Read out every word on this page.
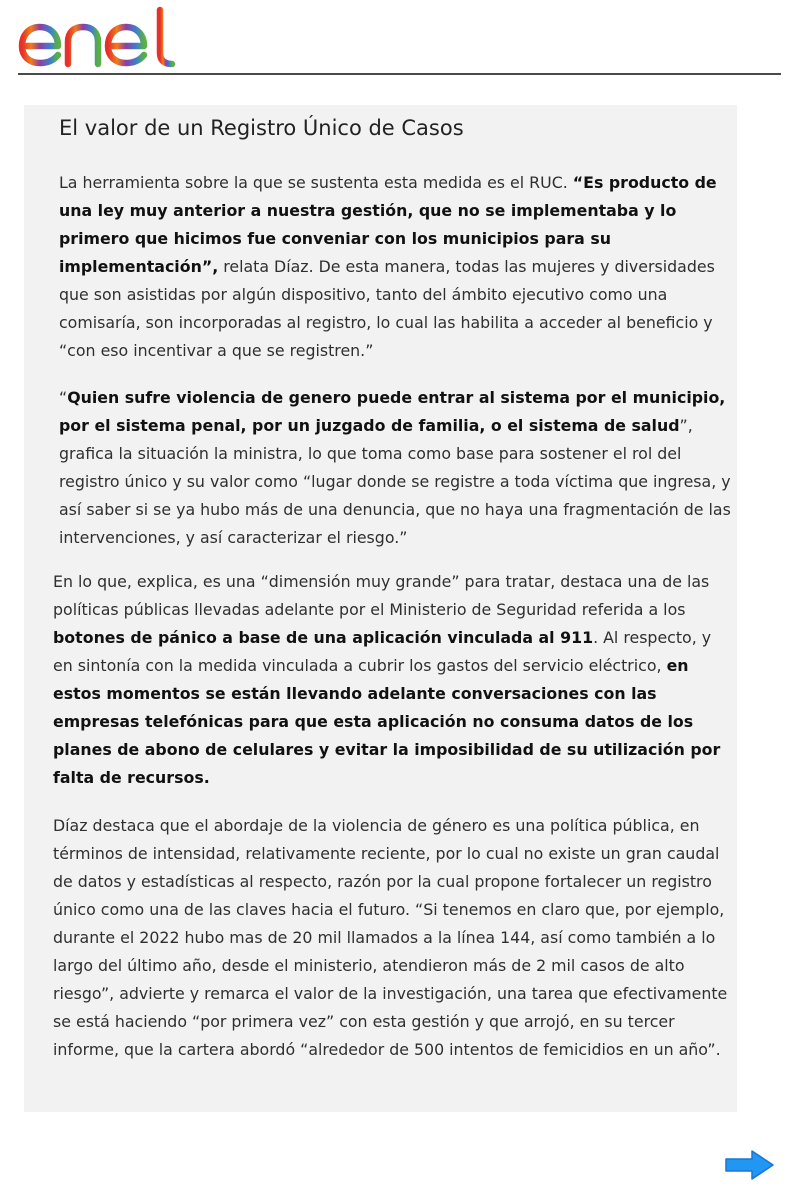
enel
El valor de un Registro Único de Casos

La herramienta sobre la que se sustenta esta medida es el RUC. “Es producto de una ley muy anterior a nuestra gestión, que no se implementaba y lo primero que hicimos fue conveniar con los municipios para su implementación”, relata Díaz. De esta manera, todas las mujeres y diversidades que son asistidas por algún dispositivo, tanto del ámbito ejecutivo como una comisaría, son incorporadas al registro, lo cual las habilita a acceder al beneficio y “con eso incentivar a que se registren.”

“Quien sufre violencia de genero puede entrar al sistema por el municipio, por el sistema penal, por un juzgado de familia, o el sistema de salud”, grafica la situación la ministra, lo que toma como base para sostener el rol del registro único y su valor como “lugar donde se registre a toda víctima que ingresa, y así saber si se ya hubo más de una denuncia, que no haya una fragmentación de las intervenciones, y así caracterizar el riesgo.”

En lo que, explica, es una “dimensión muy grande” para tratar, destaca una de las políticas públicas llevadas adelante por el Ministerio de Seguridad referida a los botones de pánico a base de una aplicación vinculada al 911. Al respecto, y en sintonía con la medida vinculada a cubrir los gastos del servicio eléctrico, en estos momentos se están llevando adelante conversaciones con las empresas telefónicas para que esta aplicación no consuma datos de los planes de abono de celulares y evitar la imposibilidad de su utilización por falta de recursos.

Díaz destaca que el abordaje de la violencia de género es una política pública, en términos de intensidad, relativamente reciente, por lo cual no existe un gran caudal de datos y estadísticas al respecto, razón por la cual propone fortalecer un registro único como una de las claves hacia el futuro. “Si tenemos en claro que, por ejemplo, durante el 2022 hubo mas de 20 mil llamados a la línea 144, así como también a lo largo del último año, desde el ministerio, atendieron más de 2 mil casos de alto riesgo”, advierte y remarca el valor de la investigación, una tarea que efectivamente se está haciendo “por primera vez” con esta gestión y que arrojó, en su tercer informe, que la cartera abordó “alrededor de 500 intentos de femicidios en un año”.
